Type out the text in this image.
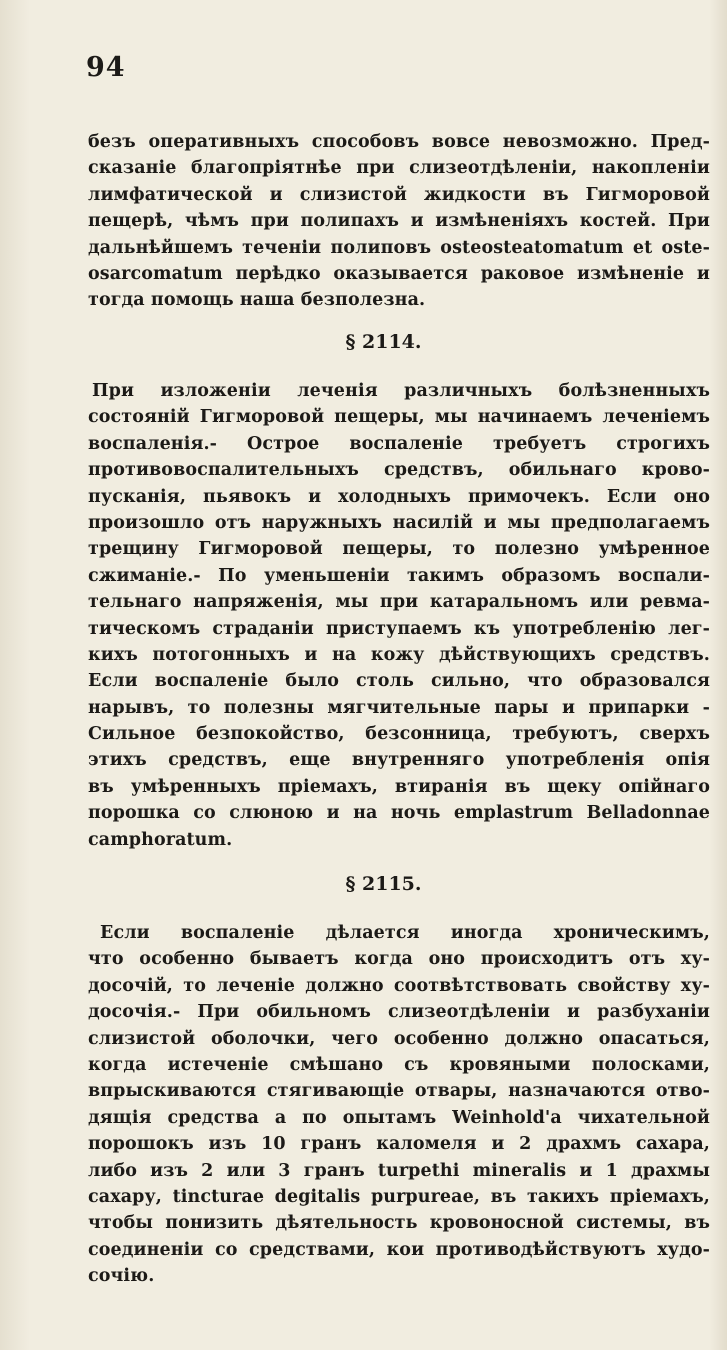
94
безъ оперативныхъ способовъ вовсе невозможно. Пред-
сказаніе благопріятнѣе при слизеотдѣленіи, накопленіи
лимфатической и слизистой жидкости въ Гигморовой
пещерѣ, чѣмъ при полипахъ и измѣненіяхъ костей. При
дальнѣйшемъ теченіи полиповъ osteosteatomatum et oste-
osarcomatum перѣдко оказывается раковое измѣненіе и
тогда помощь наша безполезна.
§ 2114.
При изложеніи леченія различныхъ болѣзненныхъ
состояній Гигморовой пещеры, мы начинаемъ леченіемъ
воспаленія.- Острое воспаленіе требуетъ строгихъ
противовоспалительныхъ средствъ, обильнаго крово-
пусканія, пьявокъ и холодныхъ примочекъ. Если оно
произошло отъ наружныхъ насилій и мы предполагаемъ
трещину Гигморовой пещеры, то полезно умѣренное
сжиманіе.- По уменьшеніи такимъ образомъ воспали-
тельнаго напряженія, мы при катаральномъ или ревма-
тическомъ страданіи приступаемъ къ употребленію лег-
кихъ потогонныхъ и на кожу дѣйствующихъ средствъ.
Если воспаленіе было столь сильно, что образовался
нарывъ, то полезны мягчительные пары и припарки -
Сильное безпокойство, безсонница, требуютъ, сверхъ
этихъ средствъ, еще внутренняго употребленія опія
въ умѣренныхъ пріемахъ, втиранія въ щеку опійнаго
порошка со слюною и на ночь emplastrum Belladonnae
camphoratum.
§ 2115.
Если воспаленіе дѣлается иногда хроническимъ,
что особенно бываетъ когда оно происходитъ отъ ху-
досочій, то леченіе должно соотвѣтствовать свойству ху-
досочія.- При обильномъ слизеотдѣленіи и разбуханіи
слизистой оболочки, чего особенно должно опасаться,
когда истеченіе смѣшано съ кровяными полосками,
впрыскиваются стягивающіе отвары, назначаются отво-
дящія средства а по опытамъ Weinhold'a чихательной
порошокъ изъ 10 гранъ каломеля и 2 драхмъ сахара,
либо изъ 2 или 3 гранъ turpethi mineralis и 1 драхмы
сахару, tincturae degitalis purpureae, въ такихъ пріемахъ,
чтобы понизить дѣятельность кровоносной системы, въ
соединеніи со средствами, кои противодѣйствуютъ худо-
сочію.
